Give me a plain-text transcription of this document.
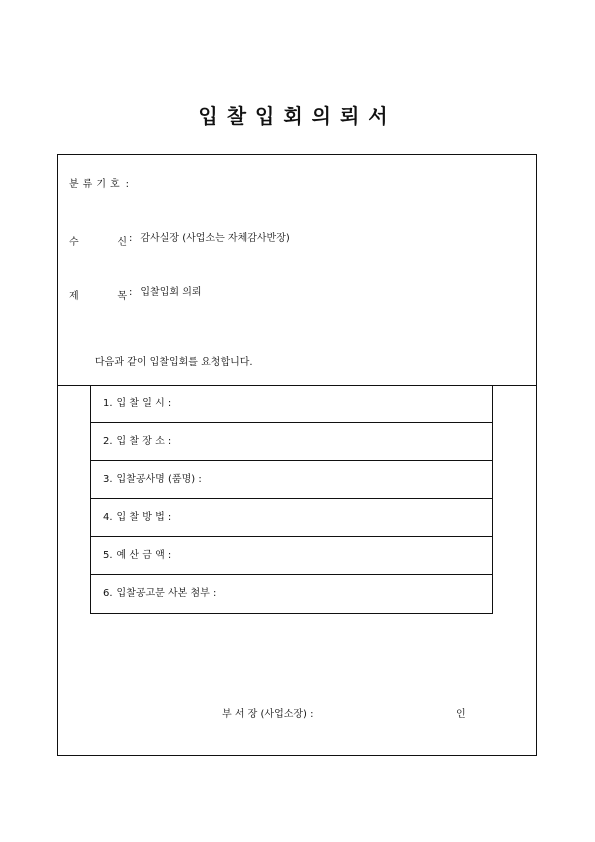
입찰입회의뢰서
분류기호 :

수	신 : 감사실장 (사업소는 자체감사반장)

제	목 : 입찰입회 의뢰
다음과 같이 입찰입회를 요청합니다.
1. 입 찰 일 시 :
2. 입 찰 장 소 :
3. 입찰공사명 (품명) :
4. 입 찰 방 법 :
5. 예 산 금 액 :
6. 입찰공고문 사본 첨부 :
부 서 장 (사업소장) :	인
